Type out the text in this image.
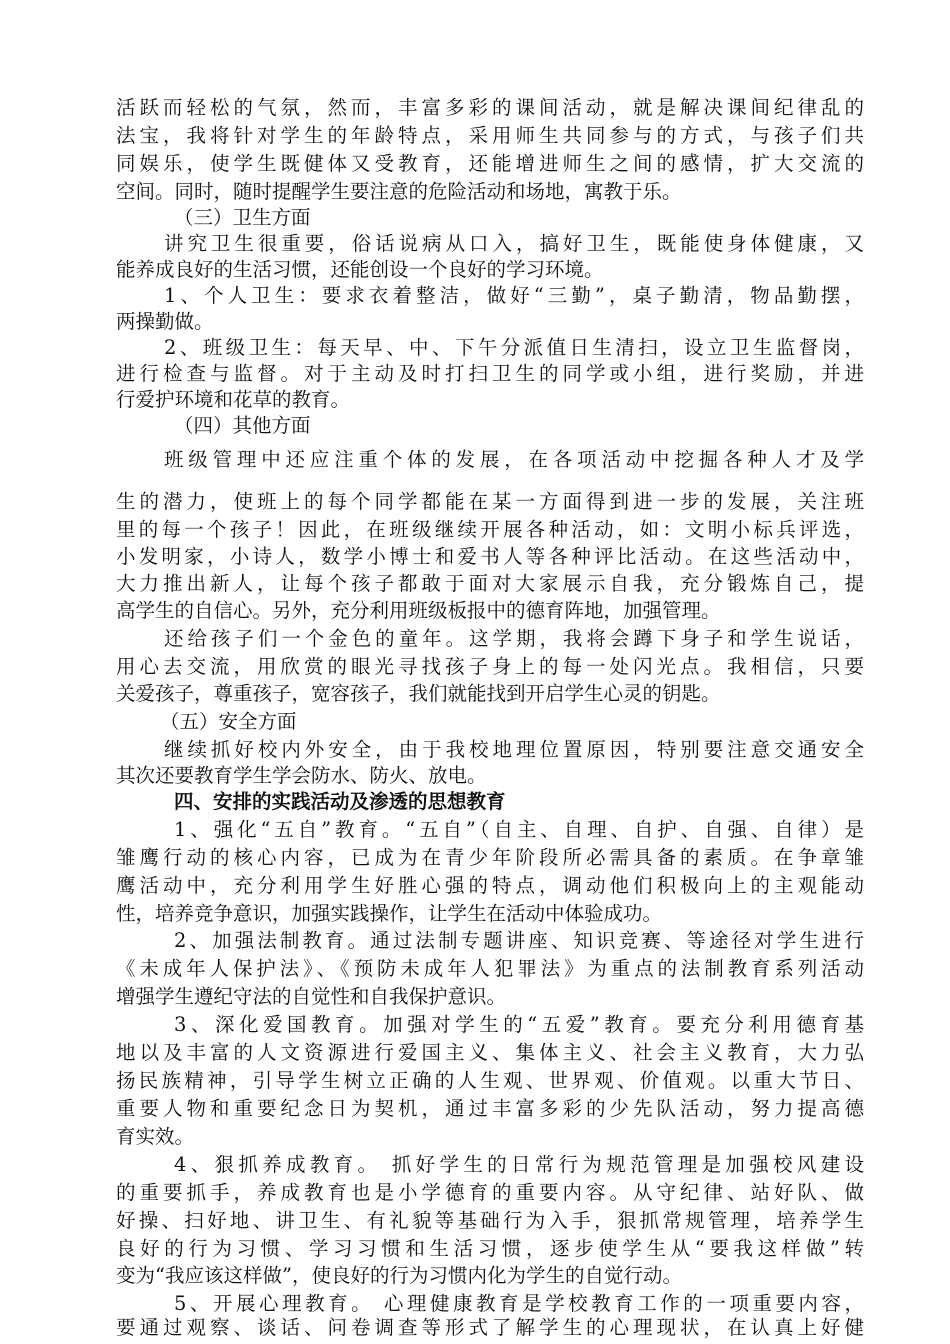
活跃而轻松的气氛，然而，丰富多彩的课间活动，就是解决课间纪律乱的
法宝，我将针对学生的年龄特点，采用师生共同参与的方式，与孩子们共
同娱乐，使学生既健体又受教育，还能增进师生之间的感情，扩大交流的
空间。同时，随时提醒学生要注意的危险活动和场地，寓教于乐。
（三）卫生方面
讲究卫生很重要，俗话说病从口入，搞好卫生，既能使身体健康，又
能养成良好的生活习惯，还能创设一个良好的学习环境。
1、个人卫生：要求衣着整洁，做好“三勤”，桌子勤清，物品勤摆，
两操勤做。
2、班级卫生：每天早、中、下午分派值日生清扫，设立卫生监督岗，
进行检查与监督。对于主动及时打扫卫生的同学或小组，进行奖励，并进
行爱护环境和花草的教育。
（四）其他方面
班级管理中还应注重个体的发展，在各项活动中挖掘各种人才及学
生的潜力，使班上的每个同学都能在某一方面得到进一步的发展，关注班
里的每一个孩子！因此，在班级继续开展各种活动，如：文明小标兵评选，
小发明家，小诗人，数学小博士和爱书人等各种评比活动。在这些活动中，
大力推出新人，让每个孩子都敢于面对大家展示自我，充分锻炼自己，提
高学生的自信心。另外，充分利用班级板报中的德育阵地，加强管理。
还给孩子们一个金色的童年。这学期，我将会蹲下身子和学生说话，
用心去交流，用欣赏的眼光寻找孩子身上的每一处闪光点。我相信，只要
关爱孩子，尊重孩子，宽容孩子，我们就能找到开启学生心灵的钥匙。
（五）安全方面
继续抓好校内外安全，由于我校地理位置原因，特别要注意交通安全
其次还要教育学生学会防水、防火、放电。
四、安排的实践活动及渗透的思想教育
1、强化“五自”教育。“五自”（自主、自理、自护、自强、自律）是
雏鹰行动的核心内容，已成为在青少年阶段所必需具备的素质。在争章雏
鹰活动中，充分利用学生好胜心强的特点，调动他们积极向上的主观能动
性，培养竞争意识，加强实践操作，让学生在活动中体验成功。
2、加强法制教育。通过法制专题讲座、知识竞赛、等途径对学生进行
《未成年人保护法》、《预防未成年人犯罪法》为重点的法制教育系列活动
增强学生遵纪守法的自觉性和自我保护意识。
3、深化爱国教育。加强对学生的“五爱”教育。要充分利用德育基
地以及丰富的人文资源进行爱国主义、集体主义、社会主义教育，大力弘
扬民族精神，引导学生树立正确的人生观、世界观、价值观。以重大节日、
重要人物和重要纪念日为契机，通过丰富多彩的少先队活动，努力提高德
育实效。
4、狠抓养成教育。 抓好学生的日常行为规范管理是加强校风建设
的重要抓手，养成教育也是小学德育的重要内容。从守纪律、站好队、做
好操、扫好地、讲卫生、有礼貌等基础行为入手，狠抓常规管理，培养学生
良好的行为习惯、学习习惯和生活习惯，逐步使学生从“要我这样做”转
变为“我应该这样做”，使良好的行为习惯内化为学生的自觉行动。
5、开展心理教育。 心理健康教育是学校教育工作的一项重要内容，
要通过观察、谈话、问卷调查等形式了解学生的心理现状，在认真上好健
